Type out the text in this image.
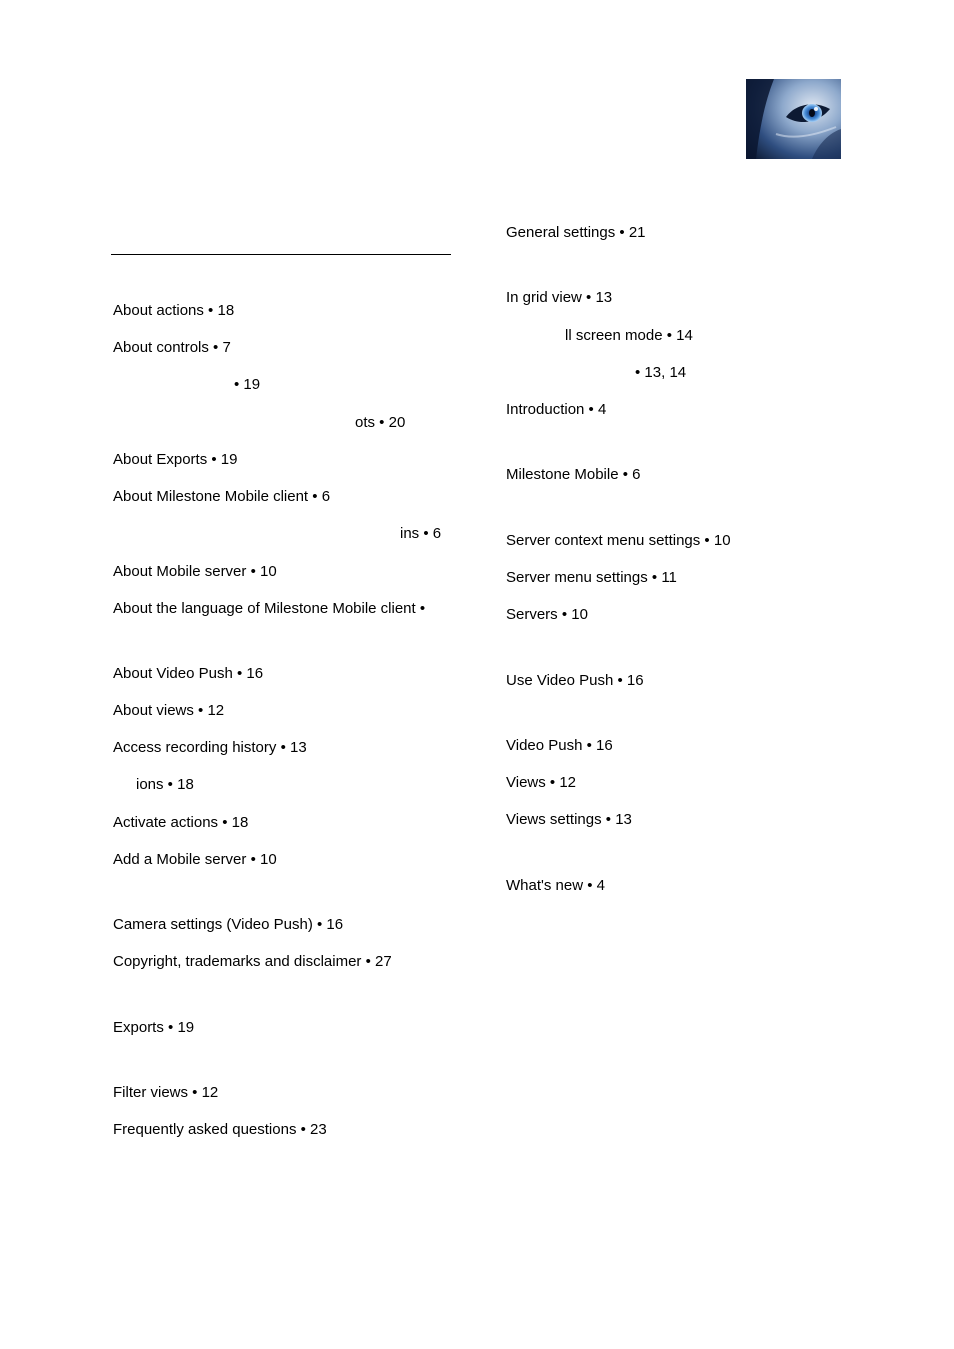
About actions • 18
About controls • 7
• 19
ots • 20
About Exports • 19
About Milestone Mobile client • 6
ins • 6
About Mobile server • 10
About the language of Milestone Mobile client •
About Video Push • 16
About views • 12
Access recording history • 13
ions • 18
Activate actions • 18
Add a Mobile server • 10
Camera settings (Video Push) • 16
Copyright, trademarks and disclaimer • 27
Exports • 19
Filter views • 12
Frequently asked questions • 23
General settings • 21
In grid view • 13
ll screen mode • 14
• 13, 14
Introduction • 4
Milestone Mobile • 6
Server context menu settings • 10
Server menu settings • 11
Servers • 10
Use Video Push • 16
Video Push • 16
Views • 12
Views settings • 13
What's new • 4
